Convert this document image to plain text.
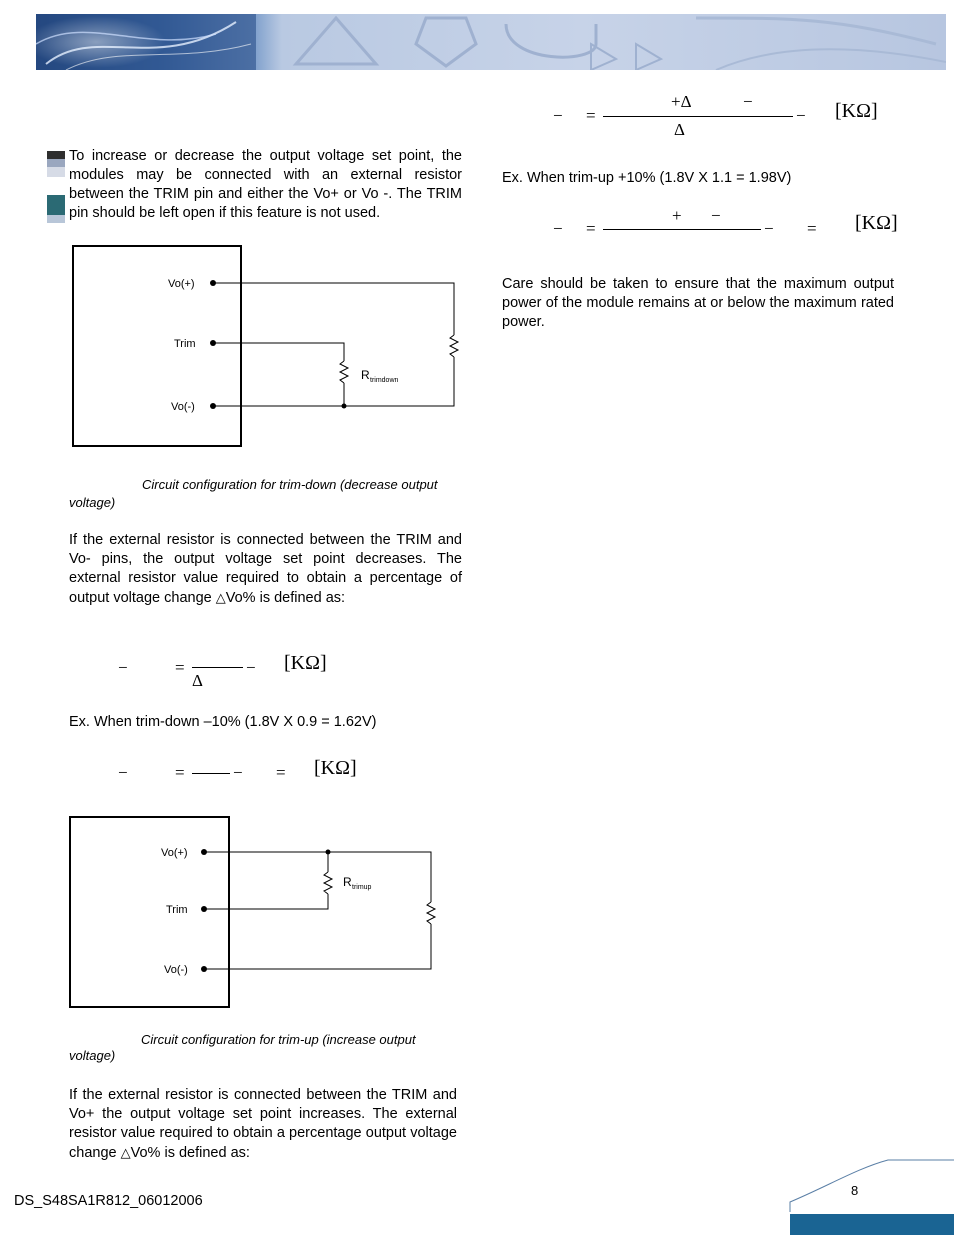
To increase or decrease the output voltage set point, the modules may be connected with an external resistor between the TRIM pin and either the Vo+ or Vo -. The TRIM pin should be left open if this feature is not used.
Vo(+)
Trim
Vo(-)
R trimdown
Circuit configuration for trim-down (decrease output
voltage)
If the external resistor is connected between the TRIM and Vo- pins, the output voltage set point decreases. The external resistor value required to obtain a percentage of output voltage change △Vo% is defined as:
−	=
Δ
− [KΩ]
Ex. When trim-down –10% (1.8V X 0.9 = 1.62V)
−	=	− = [KΩ]
Vo(+)
Trim
Vo(-)
R trimup
Circuit configuration for trim-up (increase output
voltage)
If the external resistor is connected between the TRIM and Vo+ the output voltage set point increases. The external resistor value required to obtain a percentage output voltage change △Vo% is defined as:
− =
+Δ	−
Δ
− [KΩ]
Ex. When trim-up +10% (1.8V X 1.1 = 1.98V)
− =
+ −
− = [KΩ]
Care should be taken to ensure that the maximum output power of the module remains at or below the maximum rated power.
DS_S48SA1R812_06012006
8
